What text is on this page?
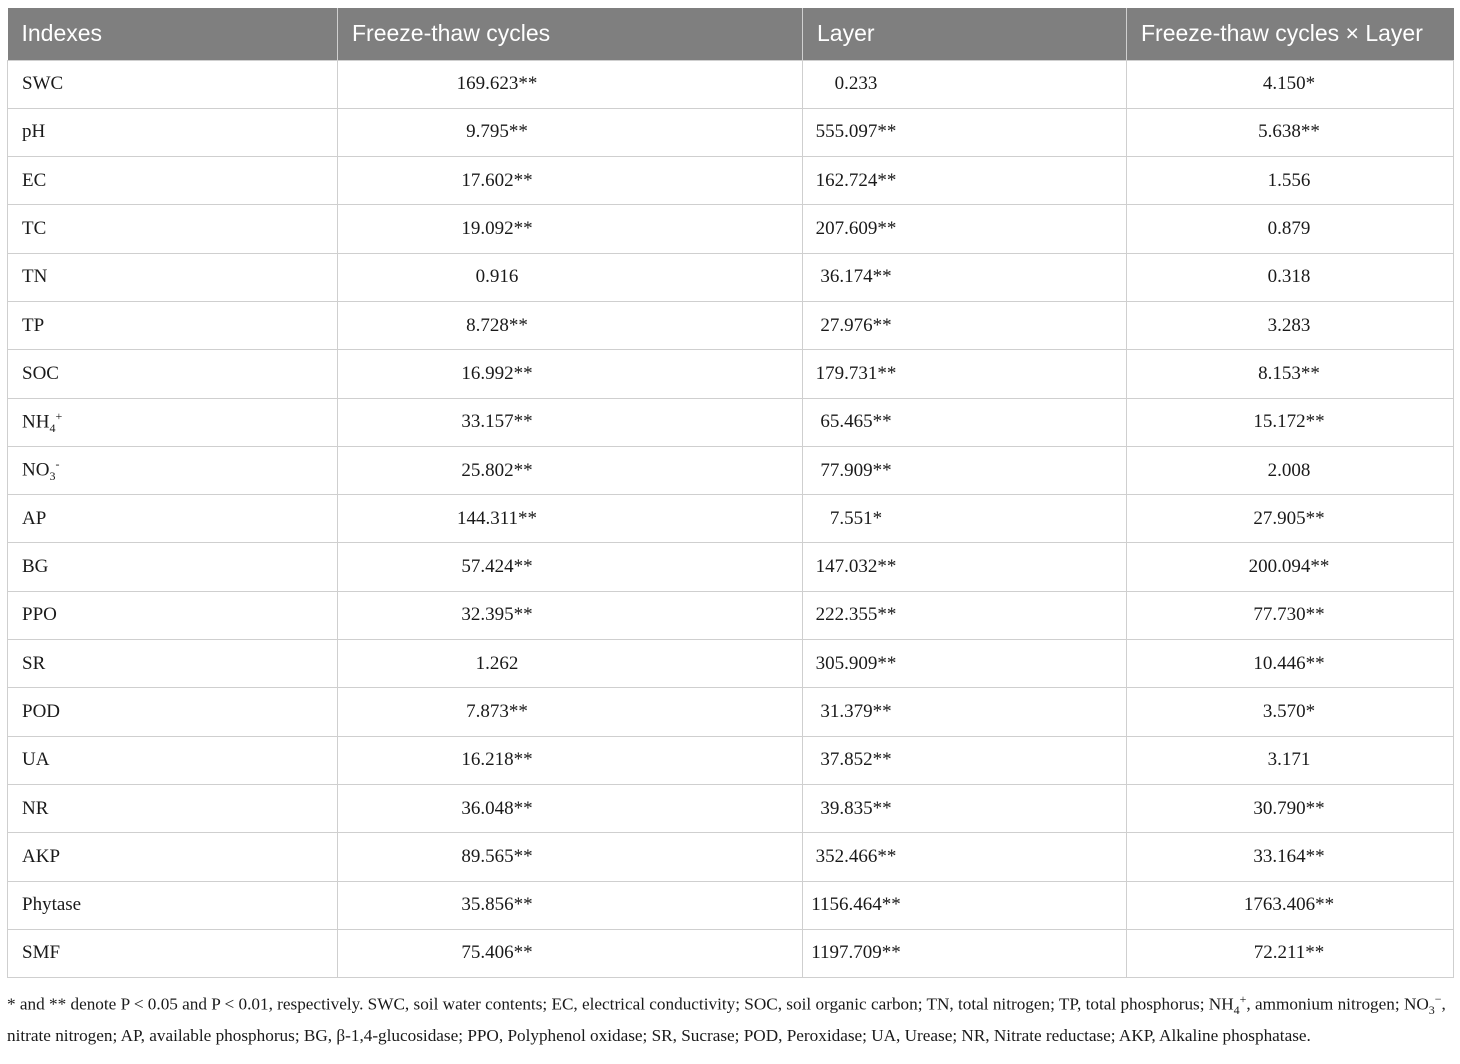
Indexes	Freeze-thaw cycles	Layer	Freeze-thaw cycles × Layer
SWC	169.623**	0.233	4.150*
pH	9.795**	555.097**	5.638**
EC	17.602**	162.724**	1.556
TC	19.092**	207.609**	0.879
TN	0.916	36.174**	0.318
TP	8.728**	27.976**	3.283
SOC	16.992**	179.731**	8.153**
$NH_4^+$	33.157**	65.465**	15.172**
$NO_3^-$	25.802**	77.909**	2.008
AP	144.311**	7.551*	27.905**
BG	57.424**	147.032**	200.094**
PPO	32.395**	222.355**	77.730**
SR	1.262	305.909**	10.446**
POD	7.873**	31.379**	3.570*
UA	16.218**	37.852**	3.171
NR	36.048**	39.835**	30.790**
AKP	89.565**	352.466**	33.164**
Phytase	35.856**	1156.464**	1763.406**
SMF	75.406**	1197.709**	72.211**
* and ** denote P < 0.05 and P < 0.01, respectively. SWC, soil water contents; EC, electrical conductivity; SOC, soil organic carbon; TN, total nitrogen; TP, total phosphorus; $NH_4^+$, ammonium nitrogen; $NO_3^-$, nitrate nitrogen; AP, available phosphorus; BG, β-1,4-glucosidase; PPO, Polyphenol oxidase; SR, Sucrase; POD, Peroxidase; UA, Urease; NR, Nitrate reductase; AKP, Alkaline phosphatase.
